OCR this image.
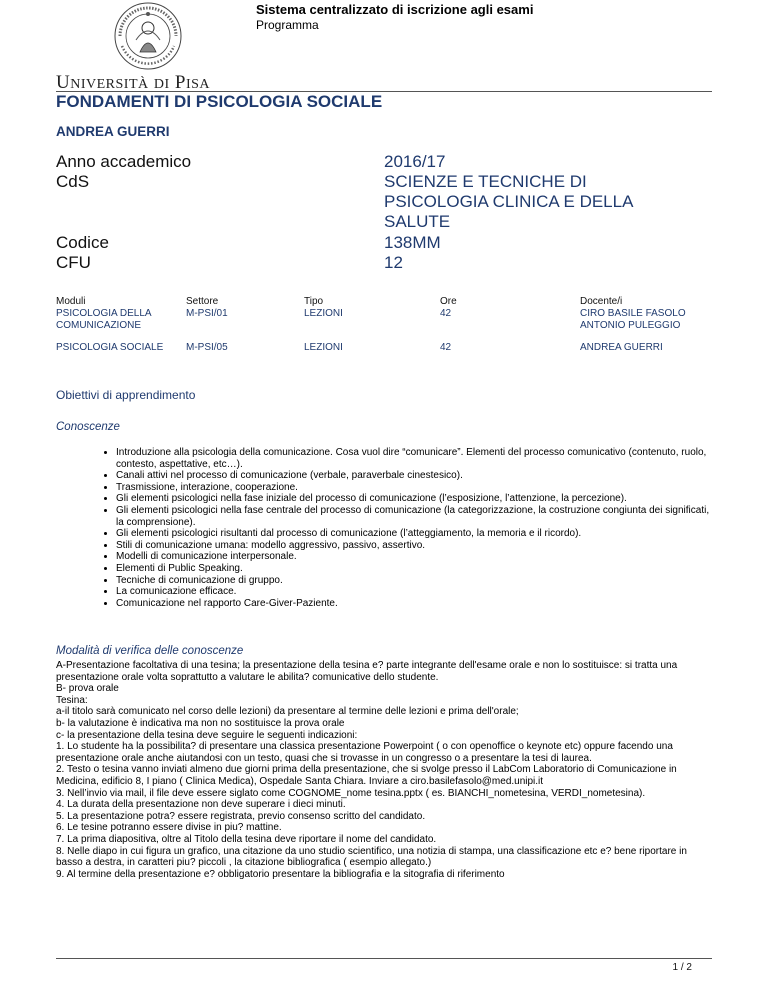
Sistema centralizzato di iscrizione agli esami
Programma
UNIVERSITÀ DI PISA
FONDAMENTI DI PSICOLOGIA SOCIALE
ANDREA GUERRI
Anno accademico	2016/17
CdS	SCIENZE E TECNICHE DI PSICOLOGIA CLINICA E DELLA SALUTE
Codice	138MM
CFU	12
Moduli	Settore	Tipo	Ore	Docente/i
PSICOLOGIA DELLA COMUNICAZIONE	M-PSI/01	LEZIONI	42	CIRO BASILE FASOLO
ANTONIO PULEGGIO

PSICOLOGIA SOCIALE	M-PSI/05	LEZIONI	42	ANDREA GUERRI
Obiettivi di apprendimento
Conoscenze
• Introduzione alla psicologia della comunicazione. Cosa vuol dire “comunicare”. Elementi del processo comunicativo (contenuto, ruolo, contesto, aspettative, etc…).
• Canali attivi nel processo di comunicazione (verbale, paraverbale cinestesico).
• Trasmissione, interazione, cooperazione.
• Gli elementi psicologici nella fase iniziale del processo di comunicazione (l’esposizione, l’attenzione, la percezione).
• Gli elementi psicologici nella fase centrale del processo di comunicazione (la categorizzazione, la costruzione congiunta dei significati, la comprensione).
• Gli elementi psicologici risultanti dal processo di comunicazione (l’atteggiamento, la memoria e il ricordo).
• Stili di comunicazione umana: modello aggressivo, passivo, assertivo.
• Modelli di comunicazione interpersonale.
• Elementi di Public Speaking.
• Tecniche di comunicazione di gruppo.
• La comunicazione efficace.
• Comunicazione nel rapporto Care-Giver-Paziente.
Modalità di verifica delle conoscenze

A-Presentazione facoltativa di una tesina; la presentazione della tesina e? parte integrante dell'esame orale e non lo sostituisce: si tratta una presentazione orale volta soprattutto a valutare le abilita? comunicative dello studente.

B- prova orale

Tesina:

a-il titolo sarà comunicato nel corso delle lezioni) da presentare al termine delle lezioni e prima dell'orale;

b- la valutazione è indicativa ma non no sostituisce la prova orale

c- la presentazione della tesina deve seguire le seguenti indicazioni:

1. Lo studente ha la possibilita? di presentare una classica presentazione Powerpoint ( o con openoffice o keynote etc) oppure facendo una presentazione orale anche aiutandosi con un testo, quasi che si trovasse in un congresso o a presentare la tesi di laurea.

2. Testo o tesina vanno inviati almeno due giorni prima della presentazione, che si svolge presso il LabCom Laboratorio di Comunicazione in Medicina, edificio 8, I piano ( Clinica Medica), Ospedale Santa Chiara. Inviare a ciro.basilefasolo@med.unipi.it

3. Nell’invio via mail, il file deve essere siglato come COGNOME_nome tesina.pptx ( es. BIANCHI_nometesina, VERDI_nometesina).

4. La durata della presentazione non deve superare i dieci minuti.

5. La presentazione potra? essere registrata, previo consenso scritto del candidato.

6. Le tesine potranno essere divise in piu? mattine.

7. La prima diapositiva, oltre al Titolo della tesina deve riportare il nome del candidato.

8. Nelle diapo in cui figura un grafico, una citazione da uno studio scientifico, una notizia di stampa, una classificazione etc e? bene riportare in basso a destra, in caratteri piu? piccoli , la citazione bibliografica ( esempio allegato.)

9. Al termine della presentazione e? obbligatorio presentare la bibliografia e la sitografia di riferimento

1 / 2
